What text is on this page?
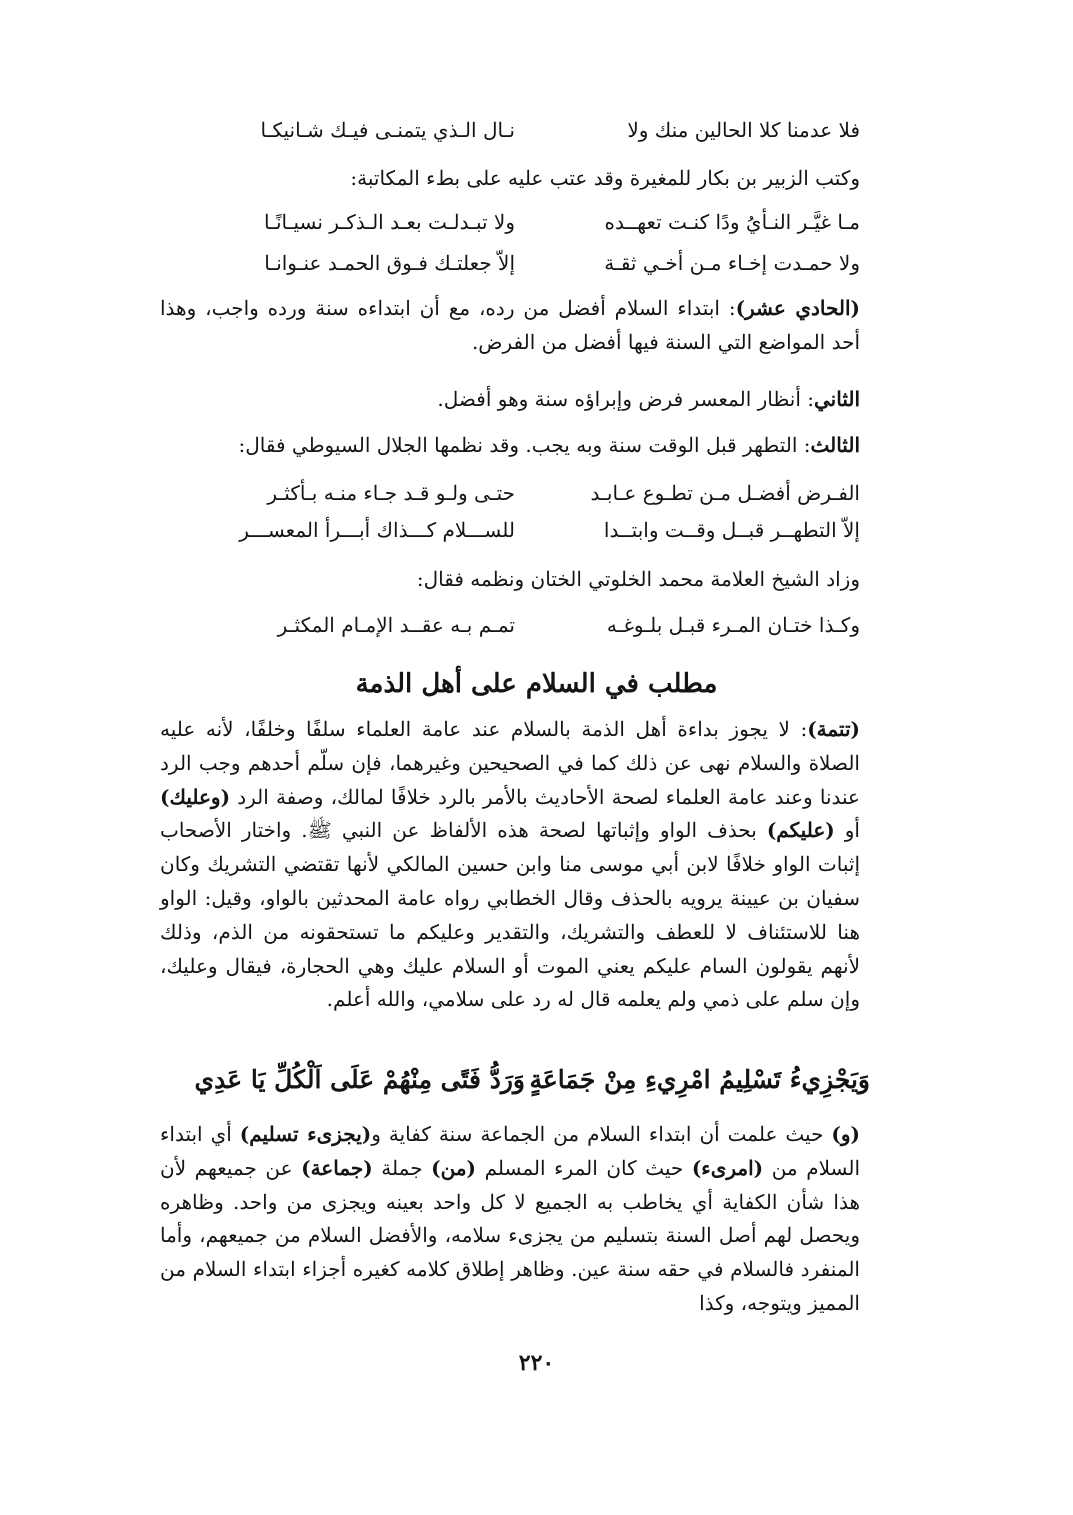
فلا عدمنا كلا الحالين منك ولا
نـال الـذي يتمنـى فيـك شـانيكـا
وكتب الزبير بن بكار للمغيرة وقد عتب عليه على بطء المكاتبة:
مـا غيَّـر النـأيُ ودًا كنـت تعهــده
ولا تبـدلـت بعـد الـذكـر نسيـانًـا
ولا حمـدت إخـاء مـن أخـي ثقـة
إلاّ جعلتـك فـوق الحمـد عنـوانـا

(الحادي عشر): ابتداء السلام أفضل من رده، مع أن ابتداءه سنة ورده واجب، وهذا أحد المواضع التي السنة فيها أفضل من الفرض.

الثاني: أنظار المعسر فرض وإبراؤه سنة وهو أفضل.
الثالث: التطهر قبل الوقت سنة وبه يجب. وقد نظمها الجلال السيوطي فقال:
الفـرض أفضـل مـن تطـوع عـابـد
حتـى ولـو قـد جـاء منـه بـأكثـر
إلاّ التطهــر قبــل وقــت وابتــدا
للســـلام كـــذاك أبـــرأ المعســـر
وزاد الشيخ العلامة محمد الخلوتي الختان ونظمه فقال:
وكـذا ختـان المـرء قبـل بلـوغـه
تمـم بـه عقــد الإمـام المكثـر
مطلب في السلام على أهل الذمة

(تتمة): لا يجوز بداءة أهل الذمة بالسلام عند عامة العلماء سلفًا وخلفًا، لأنه عليه الصلاة والسلام نهى عن ذلك كما في الصحيحين وغيرهما، فإن سلّم أحدهم وجب الرد عندنا وعند عامة العلماء لصحة الأحاديث بالأمر بالرد خلافًا لمالك، وصفة الرد (وعليك) أو (عليكم) بحذف الواو وإثباتها لصحة هذه الألفاظ عن النبي ﷺ. واختار الأصحاب إثبات الواو خلافًا لابن أبي موسى منا وابن حسين المالكي لأنها تقتضي التشريك وكان سفيان بن عيينة يرويه بالحذف وقال الخطابي رواه عامة المحدثين بالواو، وقيل: الواو هنا للاستئناف لا للعطف والتشريك، والتقدير وعليكم ما تستحقونه من الذم، وذلك لأنهم يقولون السام عليكم يعني الموت أو السلام عليك وهي الحجارة، فيقال وعليك، وإن سلم على ذمي ولم يعلمه قال له رد على سلامي، والله أعلم.

وَيَجْزِيءُ تَسْلِيمُ امْرِيءِ مِنْ جَمَاعَةٍ
وَرَدُّ فَتًى مِنْهُمْ عَلَى اَلْكُلِّ يَا عَدِي

(و) حيث علمت أن ابتداء السلام من الجماعة سنة كفاية و(يجزىء تسليم) أي ابتداء السلام من (امرىء) حيث كان المرء المسلم (من) جملة (جماعة) عن جميعهم لأن هذا شأن الكفاية أي يخاطب به الجميع لا كل واحد بعينه ويجزى من واحد. وظاهره ويحصل لهم أصل السنة بتسليم من يجزىء سلامه، والأفضل السلام من جميعهم، وأما المنفرد فالسلام في حقه سنة عين. وظاهر إطلاق كلامه كغيره أجزاء ابتداء السلام من المميز ويتوجه، وكذا

٢٢٠
